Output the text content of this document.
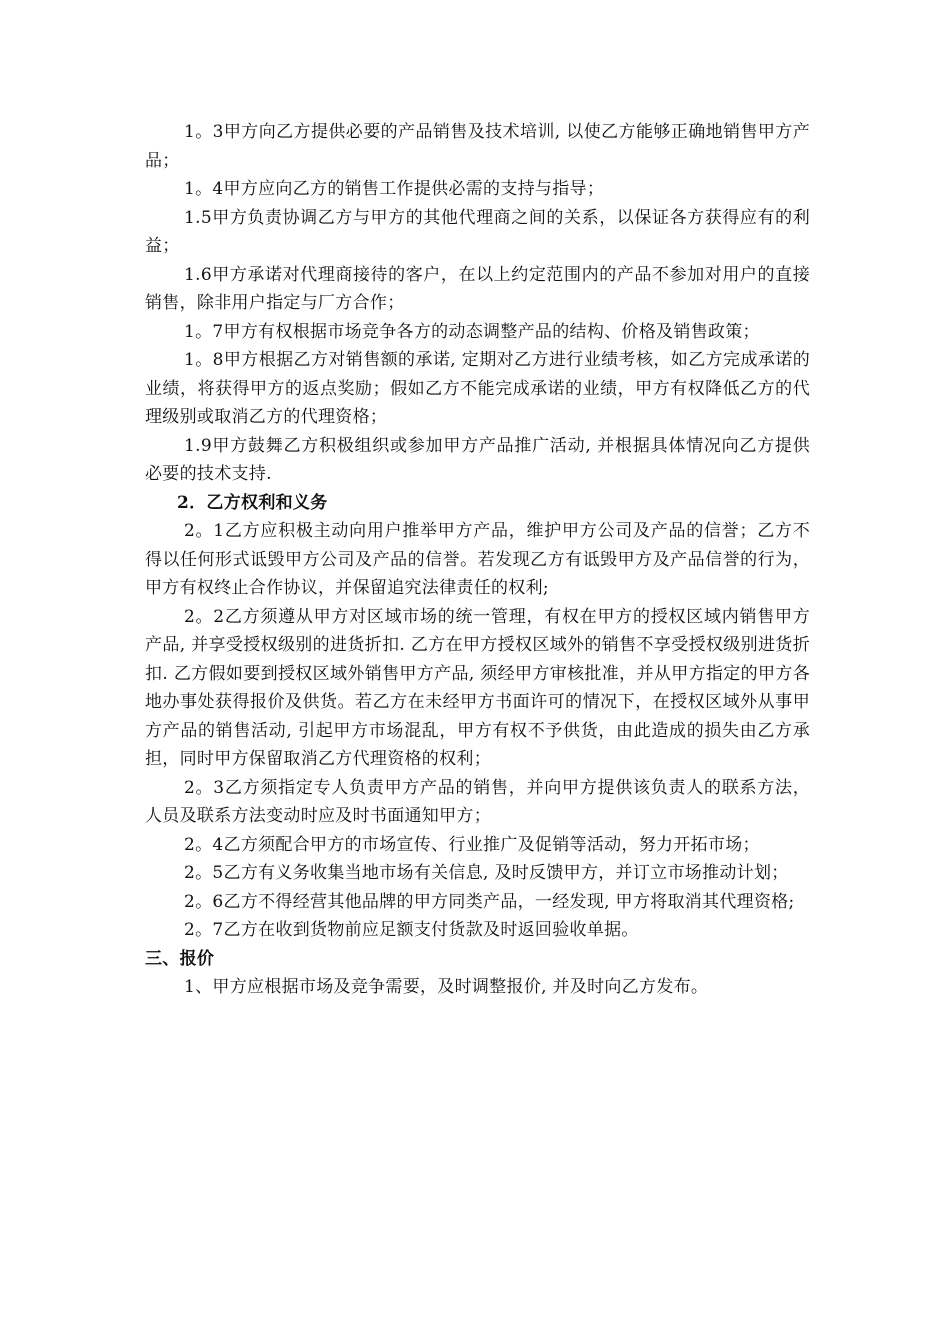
1。3甲方向乙方提供必要的产品销售及技术培训, 以使乙方能够正确地销售甲方产品；

1。4甲方应向乙方的销售工作提供必需的支持与指导；

1.5甲方负责协调乙方与甲方的其他代理商之间的关系，以保证各方获得应有的利益；

1.6甲方承诺对代理商接待的客户，在以上约定范围内的产品不参加对用户的直接销售，除非用户指定与厂方合作；

1。7甲方有权根据市场竞争各方的动态调整产品的结构、价格及销售政策；

1。8甲方根据乙方对销售额的承诺, 定期对乙方进行业绩考核，如乙方完成承诺的业绩，将获得甲方的返点奖励；假如乙方不能完成承诺的业绩，甲方有权降低乙方的代理级别或取消乙方的代理资格；

1.9甲方鼓舞乙方积极组织或参加甲方产品推广活动, 并根据具体情况向乙方提供必要的技术支持.

2．乙方权利和义务

2。1乙方应积极主动向用户推举甲方产品，维护甲方公司及产品的信誉；乙方不得以任何形式诋毁甲方公司及产品的信誉。若发现乙方有诋毁甲方及产品信誉的行为，甲方有权终止合作协议，并保留追究法律责任的权利;

2。2乙方须遵从甲方对区域市场的统一管理，有权在甲方的授权区域内销售甲方产品, 并享受授权级别的进货折扣. 乙方在甲方授权区域外的销售不享受授权级别进货折扣. 乙方假如要到授权区域外销售甲方产品, 须经甲方审核批准，并从甲方指定的甲方各地办事处获得报价及供货。若乙方在未经甲方书面许可的情况下，在授权区域外从事甲方产品的销售活动, 引起甲方市场混乱，甲方有权不予供货，由此造成的损失由乙方承担，同时甲方保留取消乙方代理资格的权利；

2。3乙方须指定专人负责甲方产品的销售，并向甲方提供该负责人的联系方法，人员及联系方法变动时应及时书面通知甲方；

2。4乙方须配合甲方的市场宣传、行业推广及促销等活动，努力开拓市场；

2。5乙方有义务收集当地市场有关信息, 及时反馈甲方，并订立市场推动计划；

2。6乙方不得经营其他品牌的甲方同类产品，一经发现, 甲方将取消其代理资格;

2。7乙方在收到货物前应足额支付货款及时返回验收单据。

三、报价

1、甲方应根据市场及竞争需要，及时调整报价, 并及时向乙方发布。
